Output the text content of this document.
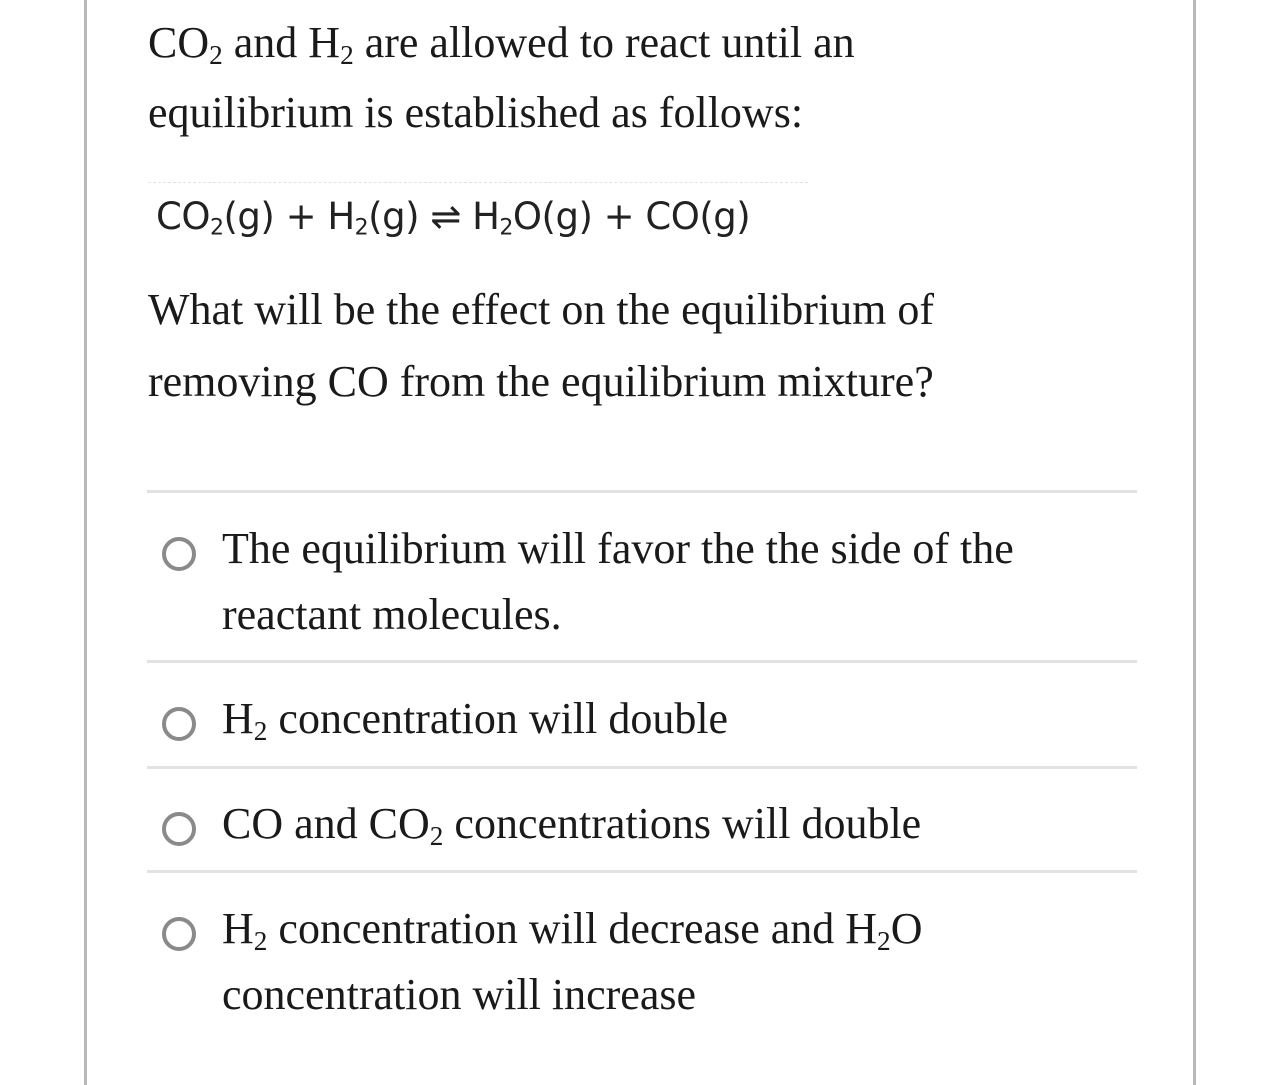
$CO_2$ and $H_2$ are allowed to react until an

equilibrium is established as follows:

$CO_2(g) + H_2(g)$ ⇌ $H_2O(g) + CO(g)$

What will be the effect on the equilibrium of

removing CO from the equilibrium mixture?

The equilibrium will favor the the side of the
reactant molecules.
$H_2$ concentration will double
CO and $CO_2$ concentrations will double
$H_2$ concentration will decrease and $H_2O$
concentration will increase
